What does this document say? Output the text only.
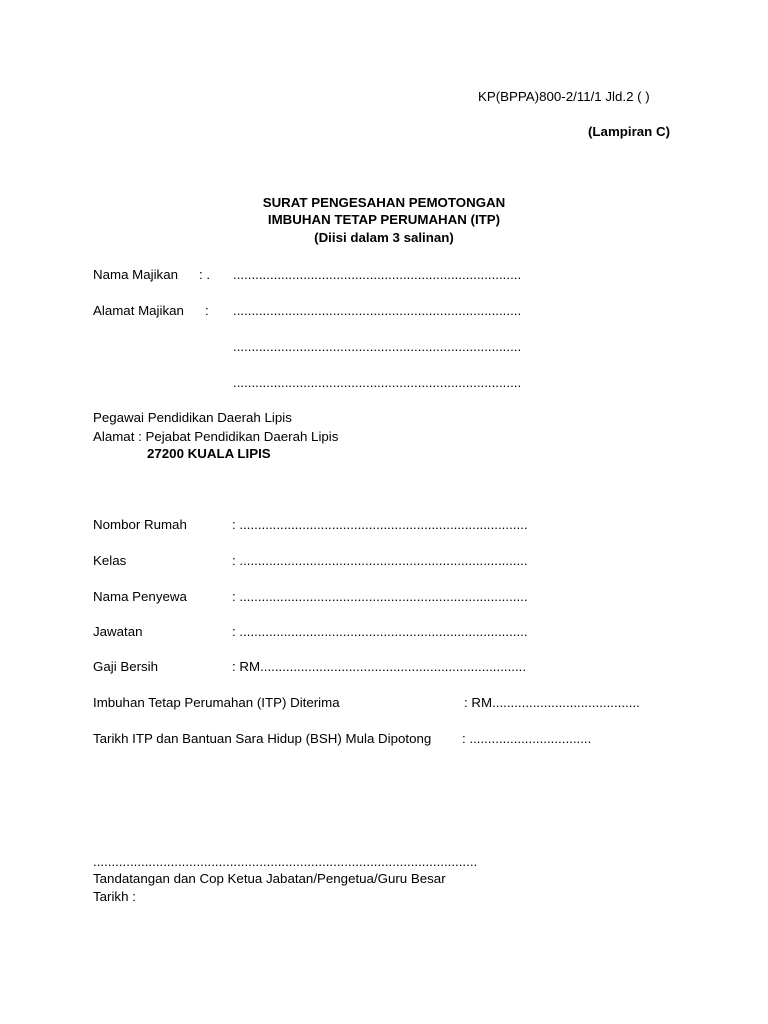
KP(BPPA)800-2/11/1 Jld.2 ( )
(Lampiran C)
SURAT PENGESAHAN PEMOTONGAN
IMBUHAN TETAP PERUMAHAN (ITP)
(Diisi dalam 3 salinan)
Nama Majikan : . ..............................................................................
Alamat Majikan : ..............................................................................
..............................................................................
..............................................................................
Pegawai Pendidikan Daerah Lipis
Alamat : Pejabat Pendidikan Daerah Lipis
27200 KUALA LIPIS
Nombor Rumah	: ..............................................................................
Kelas	: ..............................................................................
Nama Penyewa	: ..............................................................................
Jawatan	: ..............................................................................
Gaji Bersih	: RM........................................................................
Imbuhan Tetap Perumahan (ITP) Diterima	: RM........................................
Tarikh ITP dan Bantuan Sara Hidup (BSH) Mula Dipotong : .................................
........................................................................................................
Tandatangan dan Cop Ketua Jabatan/Pengetua/Guru Besar
Tarikh :
